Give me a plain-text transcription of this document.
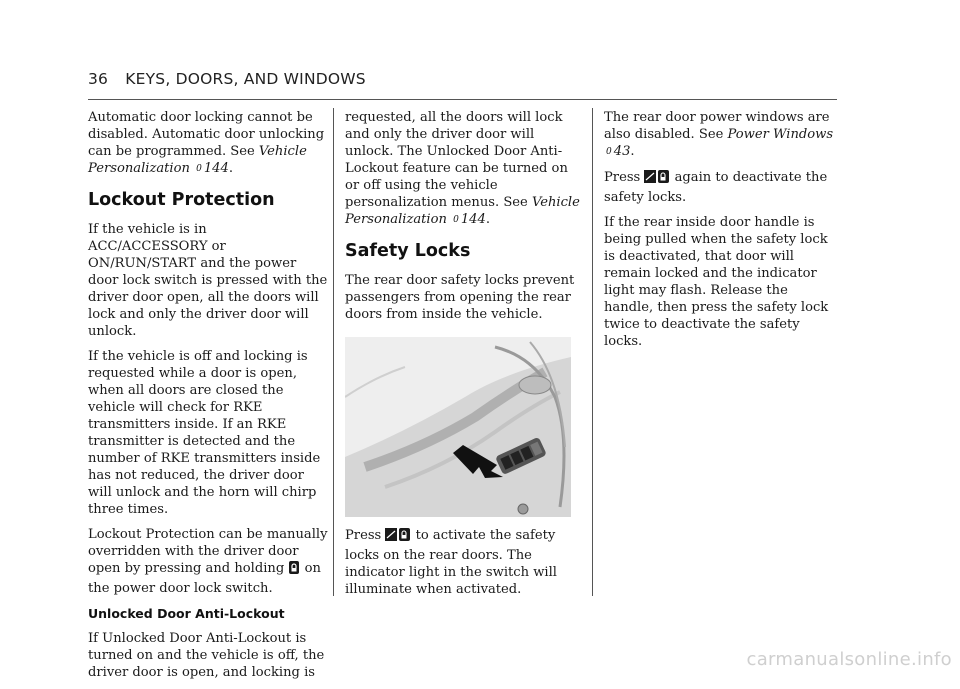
36 KEYS, DOORS, AND WINDOWS

Automatic door locking cannot be disabled. Automatic door unlocking can be programmed. See Vehicle Personalization 0 144.

Lockout Protection

If the vehicle is in ACC/ACCESSORY or ON/RUN/START and the power door lock switch is pressed with the driver door open, all the doors will lock and only the driver door will unlock.

If the vehicle is off and locking is requested while a door is open, when all doors are closed the vehicle will check for RKE transmitters inside. If an RKE transmitter is detected and the number of RKE transmitters inside has not reduced, the driver door will unlock and the horn will chirp three times.

Lockout Protection can be manually overridden with the driver door open by pressing and holding on the power door lock switch.

Unlocked Door Anti-Lockout

If Unlocked Door Anti-Lockout is turned on and the vehicle is off, the driver door is open, and locking is

requested, all the doors will lock and only the driver door will unlock. The Unlocked Door Anti-Lockout feature can be turned on or off using the vehicle personalization menus. See Vehicle Personalization 0 144.

Safety Locks

The rear door safety locks prevent passengers from opening the rear doors from inside the vehicle.

Press	to activate the safety locks on the rear doors. The indicator light in the switch will illuminate when activated.

The rear door power windows are also disabled. See Power Windows 0 43.

Press	again to deactivate the safety locks.

If the rear inside door handle is being pulled when the safety lock is deactivated, that door will remain locked and the indicator light may flash. Release the handle, then press the safety lock twice to deactivate the safety locks.

carmanualsonline.info
